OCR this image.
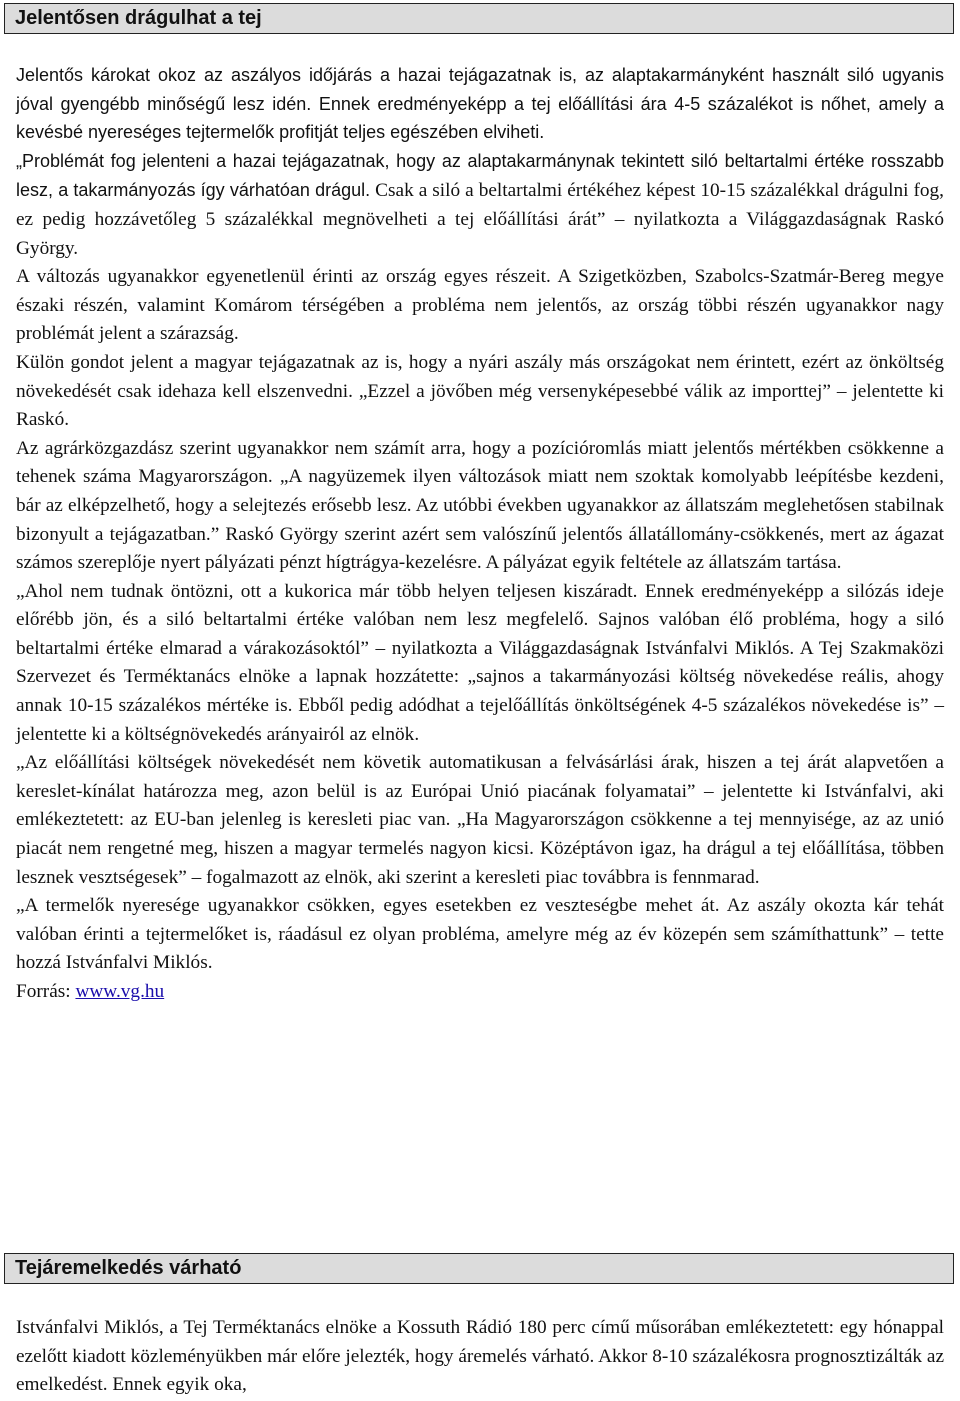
Jelentősen drágulhat a tej

Jelentős károkat okoz az aszályos időjárás a hazai tejágazatnak is, az alaptakarmányként használt siló ugyanis jóval gyengébb minőségű lesz idén. Ennek eredményeképp a tej előállítási ára 4-5 százalékot is nőhet, amely a kevésbé nyereséges tejtermelők profitját teljes egészében elviheti.

„Problémát fog jelenteni a hazai tejágazatnak, hogy az alaptakarmánynak tekintett siló beltartalmi értéke rosszabb lesz, a takarmányozás így várhatóan drágul. Csak a siló a beltartalmi értékéhez képest 10-15 százalékkal drágulni fog, ez pedig hozzávetőleg 5 százalékkal megnövelheti a tej előállítási árát” – nyilatkozta a Világgazdaságnak Raskó György.

A változás ugyanakkor egyenetlenül érinti az ország egyes részeit. A Szigetközben, Szabolcs-Szatmár-Bereg megye északi részén, valamint Komárom térségében a probléma nem jelentős, az ország többi részén ugyanakkor nagy problémát jelent a szárazság.

Külön gondot jelent a magyar tejágazatnak az is, hogy a nyári aszály más országokat nem érintett, ezért az önköltség növekedését csak idehaza kell elszenvedni. „Ezzel a jövőben még versenyképesebbé válik az importtej” – jelentette ki Raskó.

Az agrárközgazdász szerint ugyanakkor nem számít arra, hogy a pozícióromlás miatt jelentős mértékben csökkenne a tehenek száma Magyarországon. „A nagyüzemek ilyen változások miatt nem szoktak komolyabb leépítésbe kezdeni, bár az elképzelhető, hogy a selejtezés erősebb lesz. Az utóbbi években ugyanakkor az állatszám meglehetősen stabilnak bizonyult a tejágazatban.” Raskó György szerint azért sem valószínű jelentős állatállomány-csökkenés, mert az ágazat számos szereplője nyert pályázati pénzt hígtrágya-kezelésre. A pályázat egyik feltétele az állatszám tartása.

„Ahol nem tudnak öntözni, ott a kukorica már több helyen teljesen kiszáradt. Ennek eredményeképp a silózás ideje előrébb jön, és a siló beltartalmi értéke valóban nem lesz megfelelő. Sajnos valóban élő probléma, hogy a siló beltartalmi értéke elmarad a várakozásoktól” – nyilatkozta a Világgazdaságnak Istvánfalvi Miklós. A Tej Szakmaközi Szervezet és Terméktanács elnöke a lapnak hozzátette: „sajnos a takarmányozási költség növekedése reális, ahogy annak 10-15 százalékos mértéke is. Ebből pedig adódhat a tejelőállítás önköltségének 4-5 százalékos növekedése is” – jelentette ki a költségnövekedés arányairól az elnök.

„Az előállítási költségek növekedését nem követik automatikusan a felvásárlási árak, hiszen a tej árát alapvetően a kereslet-kínálat határozza meg, azon belül is az Európai Unió piacának folyamatai” – jelentette ki Istvánfalvi, aki emlékeztetett: az EU-ban jelenleg is keresleti piac van. „Ha Magyarországon csökkenne a tej mennyisége, az az unió piacát nem rengetné meg, hiszen a magyar termelés nagyon kicsi. Középtávon igaz, ha drágul a tej előállítása, többen lesznek vesztségesek” – fogalmazott az elnök, aki szerint a keresleti piac továbbra is fennmarad.

„A termelők nyeresége ugyanakkor csökken, egyes esetekben ez veszteségbe mehet át. Az aszály okozta kár tehát valóban érinti a tejtermelőket is, ráadásul ez olyan probléma, amelyre még az év közepén sem számíthattunk” – tette hozzá Istvánfalvi Miklós.

Forrás: www.vg.hu

Tejáremelkedés várható

Istvánfalvi Miklós, a Tej Terméktanács elnöke a Kossuth Rádió 180 perc című műsorában emlékeztetett: egy hónappal ezelőtt kiadott közleményükben már előre jelezték, hogy áremelés várható. Akkor 8-10 százalékosra prognosztizálták az emelkedést. Ennek egyik oka,
